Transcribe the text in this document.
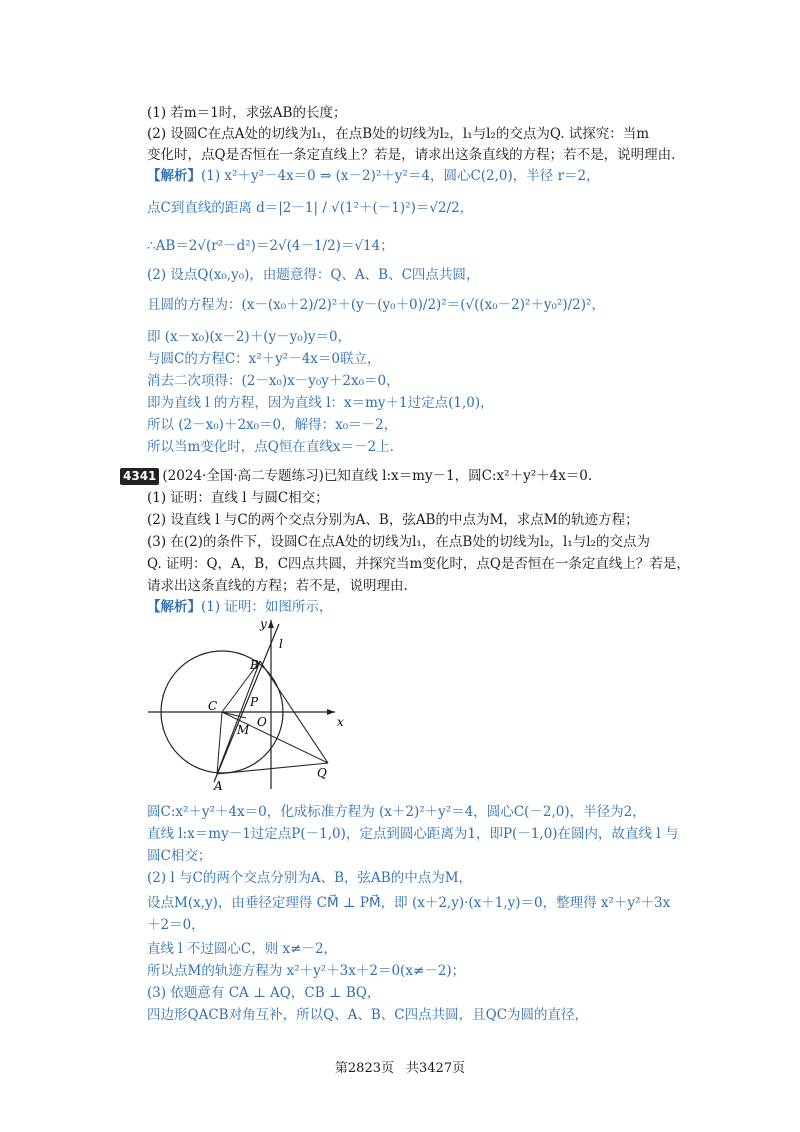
(1) 若m＝1时，求弦AB的长度；
(2) 设圆C在点A处的切线为l₁，在点B处的切线为l₂，l₁与l₂的交点为Q. 试探究：当m
变化时，点Q是否恒在一条定直线上？若是，请求出这条直线的方程；若不是，说明理由.
【解析】(1) x²＋y²－4x＝0 ⇒ (x－2)²＋y²＝4，圆心C(2,0)，半径 r＝2，
点C到直线的距离 d＝|2－1| / √(1²＋(－1)²)＝√2/2，
∴AB＝2√(r²－d²)＝2√(4－1/2)＝√14；
(2) 设点Q(x₀,y₀)，由题意得：Q、A、B、C四点共圆，
且圆的方程为：(x－(x₀＋2)/2)²＋(y－(y₀＋0)/2)²＝(√((x₀－2)²＋y₀²)/2)²，
即 (x－x₀)(x－2)＋(y－y₀)y＝0，
与圆C的方程C：x²＋y²－4x＝0联立，
消去二次项得：(2－x₀)x－y₀y＋2x₀＝0，
即为直线 l 的方程，因为直线 l：x＝my＋1过定点(1,0)，
所以 (2－x₀)＋2x₀＝0，解得：x₀＝－2，
所以当m变化时，点Q恒在直线x＝－2上.
4341 (2024·全国·高二专题练习)已知直线 l:x＝my－1，圆C:x²＋y²＋4x＝0.
(1) 证明：直线 l 与圆C相交；
(2) 设直线 l 与C的两个交点分别为A、B，弦AB的中点为M，求点M的轨迹方程；
(3) 在(2)的条件下，设圆C在点A处的切线为l₁，在点B处的切线为l₂，l₁与l₂的交点为
Q. 证明：Q，A，B，C四点共圆，并探究当m变化时，点Q是否恒在一条定直线上？若是，
请求出这条直线的方程；若不是，说明理由.
【解析】(1) 证明：如图所示，
y
l
x
B
C	P
O
M
A
Q
圆C:x²＋y²＋4x＝0，化成标准方程为 (x＋2)²＋y²＝4，圆心C(－2,0)，半径为2，
直线 l:x＝my－1过定点P(－1,0)，定点到圆心距离为1，即P(－1,0)在圆内，故直线 l 与
圆C相交；
(2) l 与C的两个交点分别为A、B，弦AB的中点为M，
设点M(x,y)，由垂径定理得 CM⃗ ⊥ PM⃗，即 (x＋2,y)·(x＋1,y)＝0，整理得 x²＋y²＋3x
＋2＝0，
直线 l 不过圆心C，则 x≠－2，
所以点M的轨迹方程为 x²＋y²＋3x＋2＝0(x≠－2)；
(3) 依题意有 CA ⊥ AQ，CB ⊥ BQ，
四边形QACB对角互补，所以Q、A、B、C四点共圆，且QC为圆的直径，
第2823页 共3427页
